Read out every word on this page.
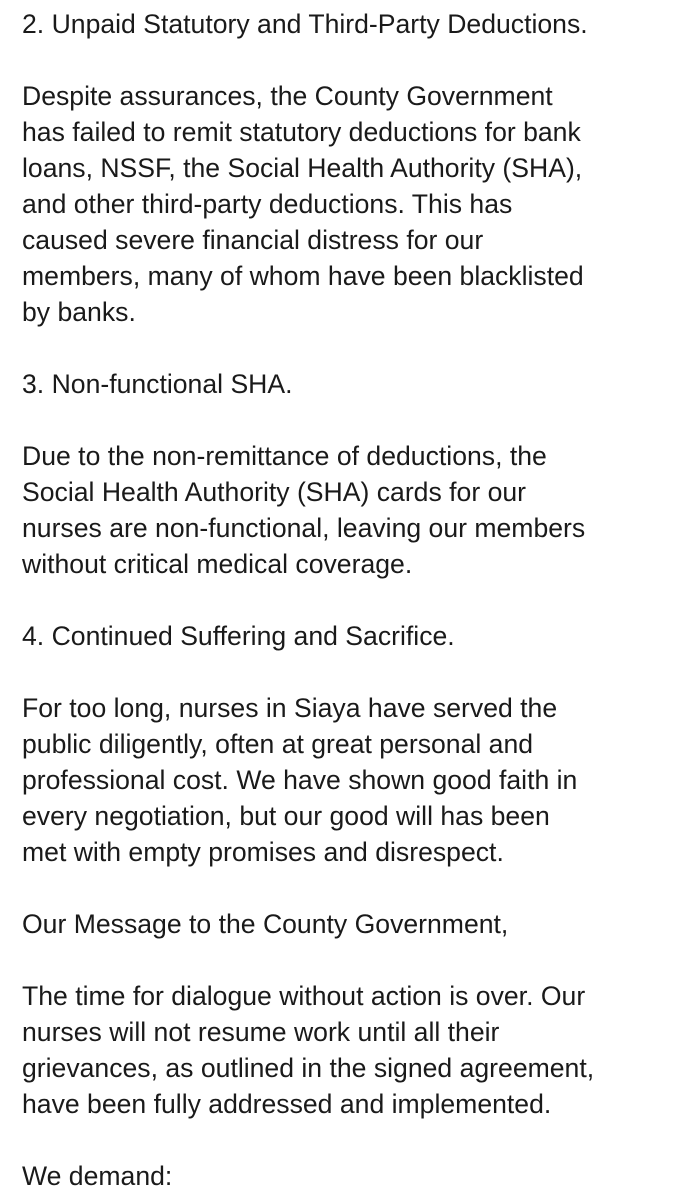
2. Unpaid Statutory and Third-Party Deductions.

Despite assurances, the County Government
has failed to remit statutory deductions for bank
loans, NSSF, the Social Health Authority (SHA),
and other third-party deductions. This has
caused severe financial distress for our
members, many of whom have been blacklisted
by banks.

3. Non-functional SHA.

Due to the non-remittance of deductions, the
Social Health Authority (SHA) cards for our
nurses are non-functional, leaving our members
without critical medical coverage.

4. Continued Suffering and Sacrifice.

For too long, nurses in Siaya have served the
public diligently, often at great personal and
professional cost. We have shown good faith in
every negotiation, but our good will has been
met with empty promises and disrespect.

Our Message to the County Government,

The time for dialogue without action is over. Our
nurses will not resume work until all their
grievances, as outlined in the signed agreement,
have been fully addressed and implemented.

We demand:
